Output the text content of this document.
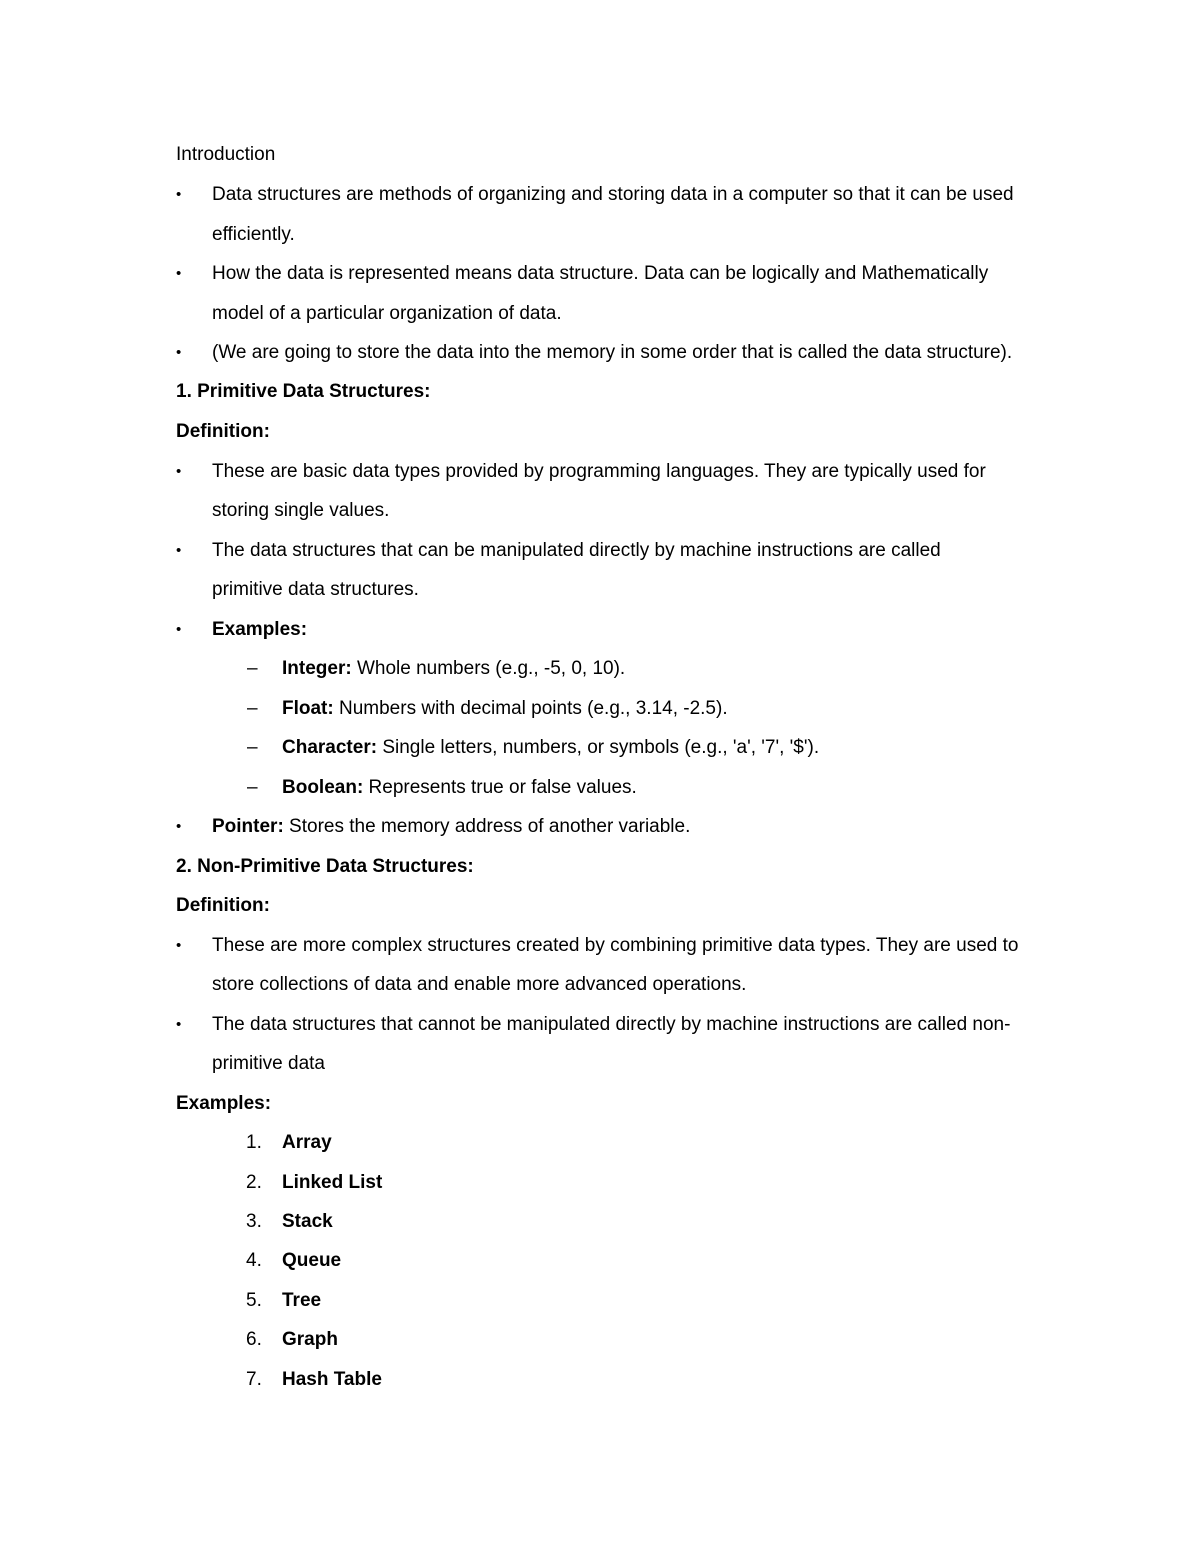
Introduction
• Data structures are methods of organizing and storing data in a computer so that it can be used
efficiently.
• How the data is represented means data structure. Data can be logically and Mathematically
model of a particular organization of data.
• (We are going to store the data into the memory in some order that is called the data structure).
1. Primitive Data Structures:
Definition:
• These are basic data types provided by programming languages. They are typically used for
storing single values.
• The data structures that can be manipulated directly by machine instructions are called
primitive data structures.
• Examples:
– Integer: Whole numbers (e.g., -5, 0, 10).
– Float: Numbers with decimal points (e.g., 3.14, -2.5).
– Character: Single letters, numbers, or symbols (e.g., 'a', '7', '$').
– Boolean: Represents true or false values.
• Pointer: Stores the memory address of another variable.
2. Non-Primitive Data Structures:
Definition:
• These are more complex structures created by combining primitive data types. They are used to
store collections of data and enable more advanced operations.
• The data structures that cannot be manipulated directly by machine instructions are called non-
primitive data
Examples:
1. Array
2. Linked List
3. Stack
4. Queue
5. Tree
6. Graph
7. Hash Table
